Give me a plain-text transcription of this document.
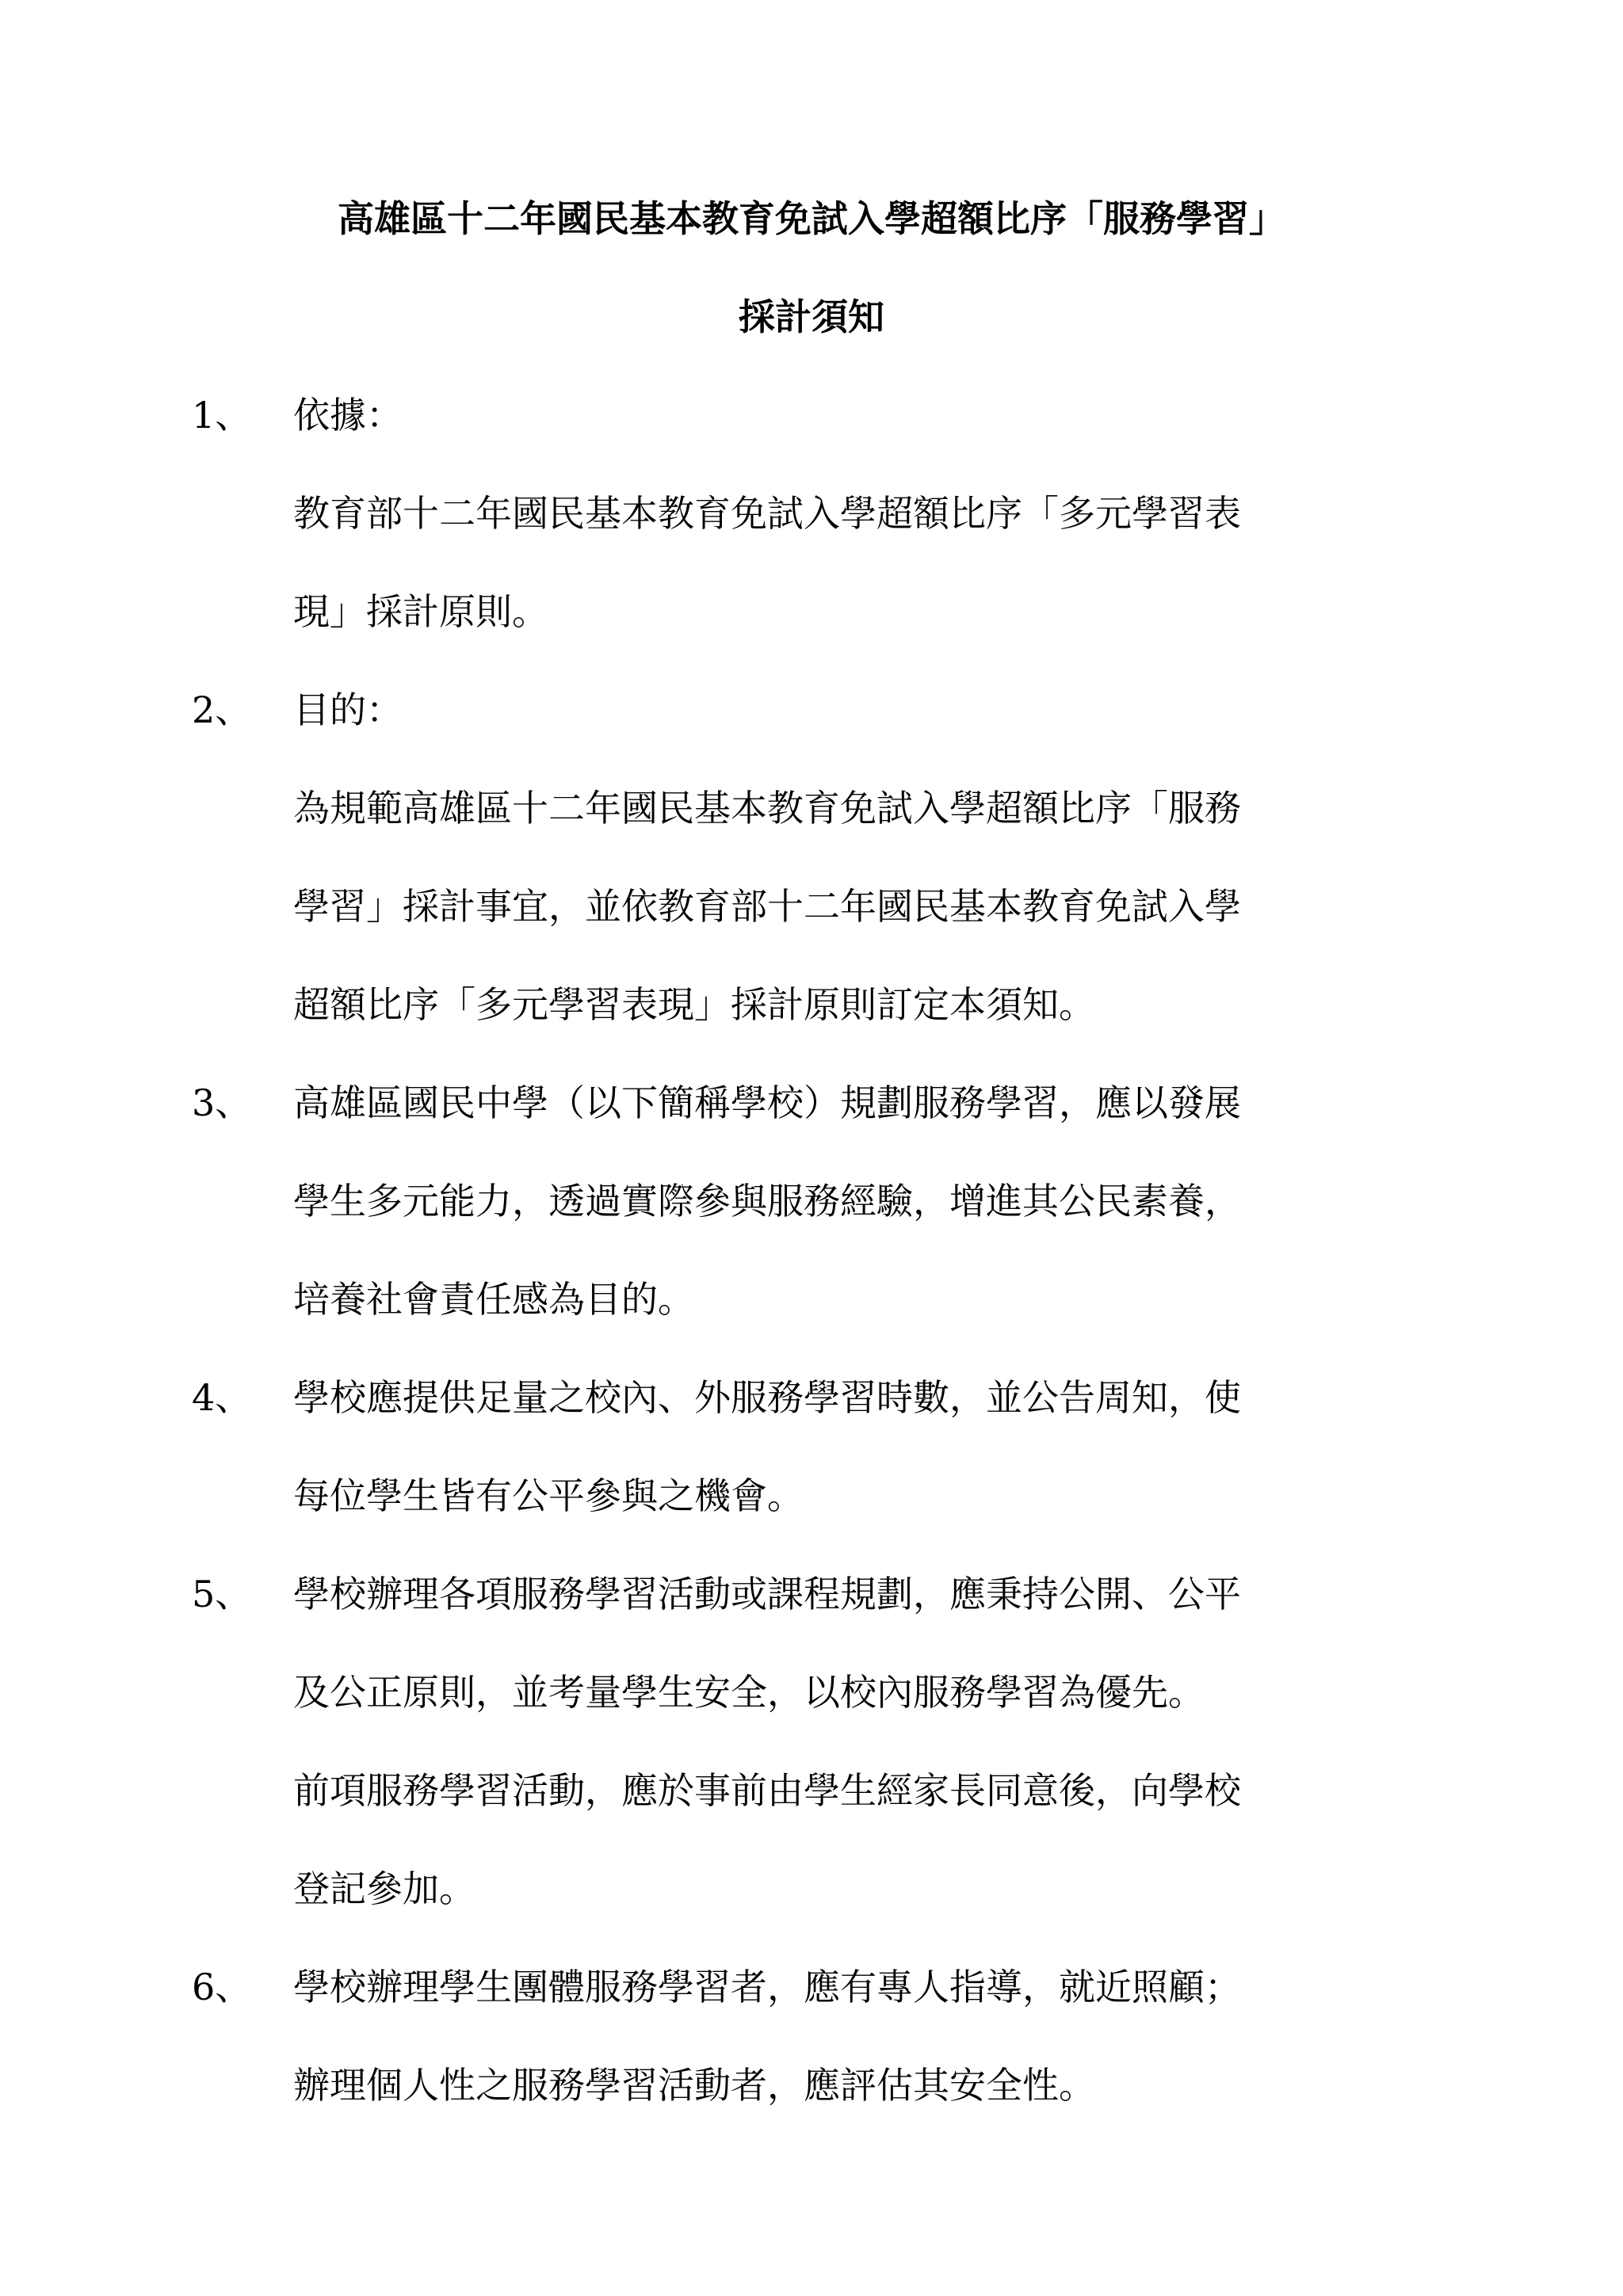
高雄區十二年國民基本教育免試入學超額比序「服務學習」
採計須知
1、 依據：
教育部十二年國民基本教育免試入學超額比序「多元學習表
現」採計原則。
2、 目的：
為規範高雄區十二年國民基本教育免試入學超額比序「服務
學習」採計事宜，並依教育部十二年國民基本教育免試入學
超額比序「多元學習表現」採計原則訂定本須知。
3、 高雄區國民中學（以下簡稱學校）規劃服務學習，應以發展
學生多元能力，透過實際參與服務經驗，增進其公民素養，
培養社會責任感為目的。
4、 學校應提供足量之校內、外服務學習時數，並公告周知，使
每位學生皆有公平參與之機會。
5、 學校辦理各項服務學習活動或課程規劃，應秉持公開、公平
及公正原則，並考量學生安全，以校內服務學習為優先。
前項服務學習活動，應於事前由學生經家長同意後，向學校
登記參加。
6、 學校辦理學生團體服務學習者，應有專人指導，就近照顧；
辦理個人性之服務學習活動者，應評估其安全性。
